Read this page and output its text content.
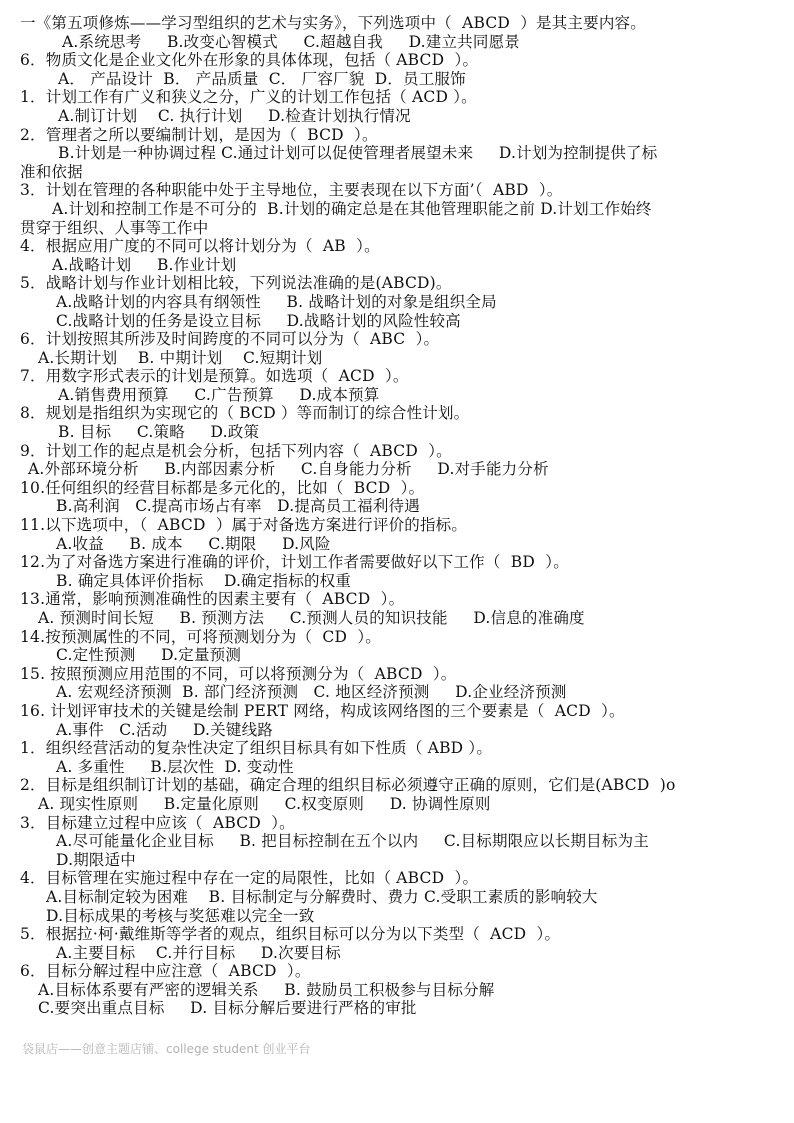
一《第五项修炼——学习型组织的艺术与实务》，下列选项中（  ABCD  ）是其主要内容。
A.系统思考     B.改变心智模式     C.超越自我     D.建立共同愿景
6．物质文化是企业文化外在形象的具体体现，包括（ ABCD  ）。
A． 产品设计  B． 产品质量  C． 厂容厂貌  D．员工服饰
1．计划工作有广义和狭义之分，广义的计划工作包括（ ACD ）。
A.制订计划    C. 执行计划     D.检查计划执行情况
2．管理者之所以要编制计划，是因为（  BCD  ）。
B.计划是一种协调过程 C.通过计划可以促使管理者展望未来     D.计划为控制提供了标
准和依据
3．计划在管理的各种职能中处于主导地位，主要表现在以下方面’（  ABD  ）。
A.计划和控制工作是不可分的  B.计划的确定总是在其他管理职能之前 D.计划工作始终
贯穿于组织、人事等工作中
4．根据应用广度的不同可以将计划分为（  AB  ）。
A.战略计划     B.作业计划
5．战略计划与作业计划相比较，下列说法准确的是(ABCD)。
A.战略计划的内容具有纲领性     B. 战略计划的对象是组织全局
C.战略计划的任务是设立目标     D.战略计划的风险性较高
6．计划按照其所涉及时间跨度的不同可以分为（  ABC  ）。
A.长期计划    B. 中期计划    C.短期计划
7．用数字形式表示的计划是预算。如选项（  ACD  ）。
A.销售费用预算     C.广告预算     D.成本预算
8．规划是指组织为实现它的（ BCD ）等而制订的综合性计划。
B. 目标     C.策略     D.政策
9．计划工作的起点是机会分析，包括下列内容（  ABCD  ）。
A.外部环境分析     B.内部因素分析     C.自身能力分析     D.对手能力分析
10.任何组织的经营目标都是多元化的，比如（  BCD  ）。
B.高利润   C.提高市场占有率   D.提高员工福利待遇
11.以下选项中，（  ABCD  ）属于对备选方案进行评价的指标。
A.收益     B. 成本     C.期限     D.风险
12.为了对备选方案进行准确的评价，计划工作者需要做好以下工作（  BD  ）。
B. 确定具体评价指标    D.确定指标的权重
13.通常，影响预测准确性的因素主要有（  ABCD  ）。
A. 预测时间长短     B. 预测方法     C.预测人员的知识技能     D.信息的准确度
14.按预测属性的不同，可将预测划分为（  CD  ）。
C.定性预测     D.定量预测
15. 按照预测应用范围的不同，可以将预测分为（  ABCD  ）。
A. 宏观经济预测  B. 部门经济预测   C. 地区经济预测     D.企业经济预测
16. 计划评审技术的关键是绘制 PERT 网络，构成该网络图的三个要素是（  ACD  ）。
A.事件   C.活动     D.关键线路
1．组织经营活动的复杂性决定了组织目标具有如下性质（ ABD ）。
A. 多重性     B.层次性  D. 变动性
2．目标是组织制订计划的基础，确定合理的组织目标必须遵守正确的原则，它们是(ABCD  )o
A. 现实性原则     B.定量化原则     C.权变原则     D. 协调性原则
3．目标建立过程中应该（  ABCD  ）。
A.尽可能量化企业目标     B. 把目标控制在五个以内     C.目标期限应以长期目标为主
D.期限适中
4．目标管理在实施过程中存在一定的局限性，比如（ ABCD  ）。
A.目标制定较为困难    B. 目标制定与分解费时、费力 C.受职工素质的影响较大
D.目标成果的考核与奖惩难以完全一致
5．根据拉·柯·戴维斯等学者的观点，组织目标可以分为以下类型（  ACD  ）。
A.主要目标    C.并行目标     D.次要目标
6．目标分解过程中应注意（  ABCD  ）。
A.目标体系要有严密的逻辑关系     B. 鼓励员工积极参与目标分解
C.要突出重点目标     D. 目标分解后要进行严格的审批
袋鼠店——创意主题店铺、college student 创业平台
